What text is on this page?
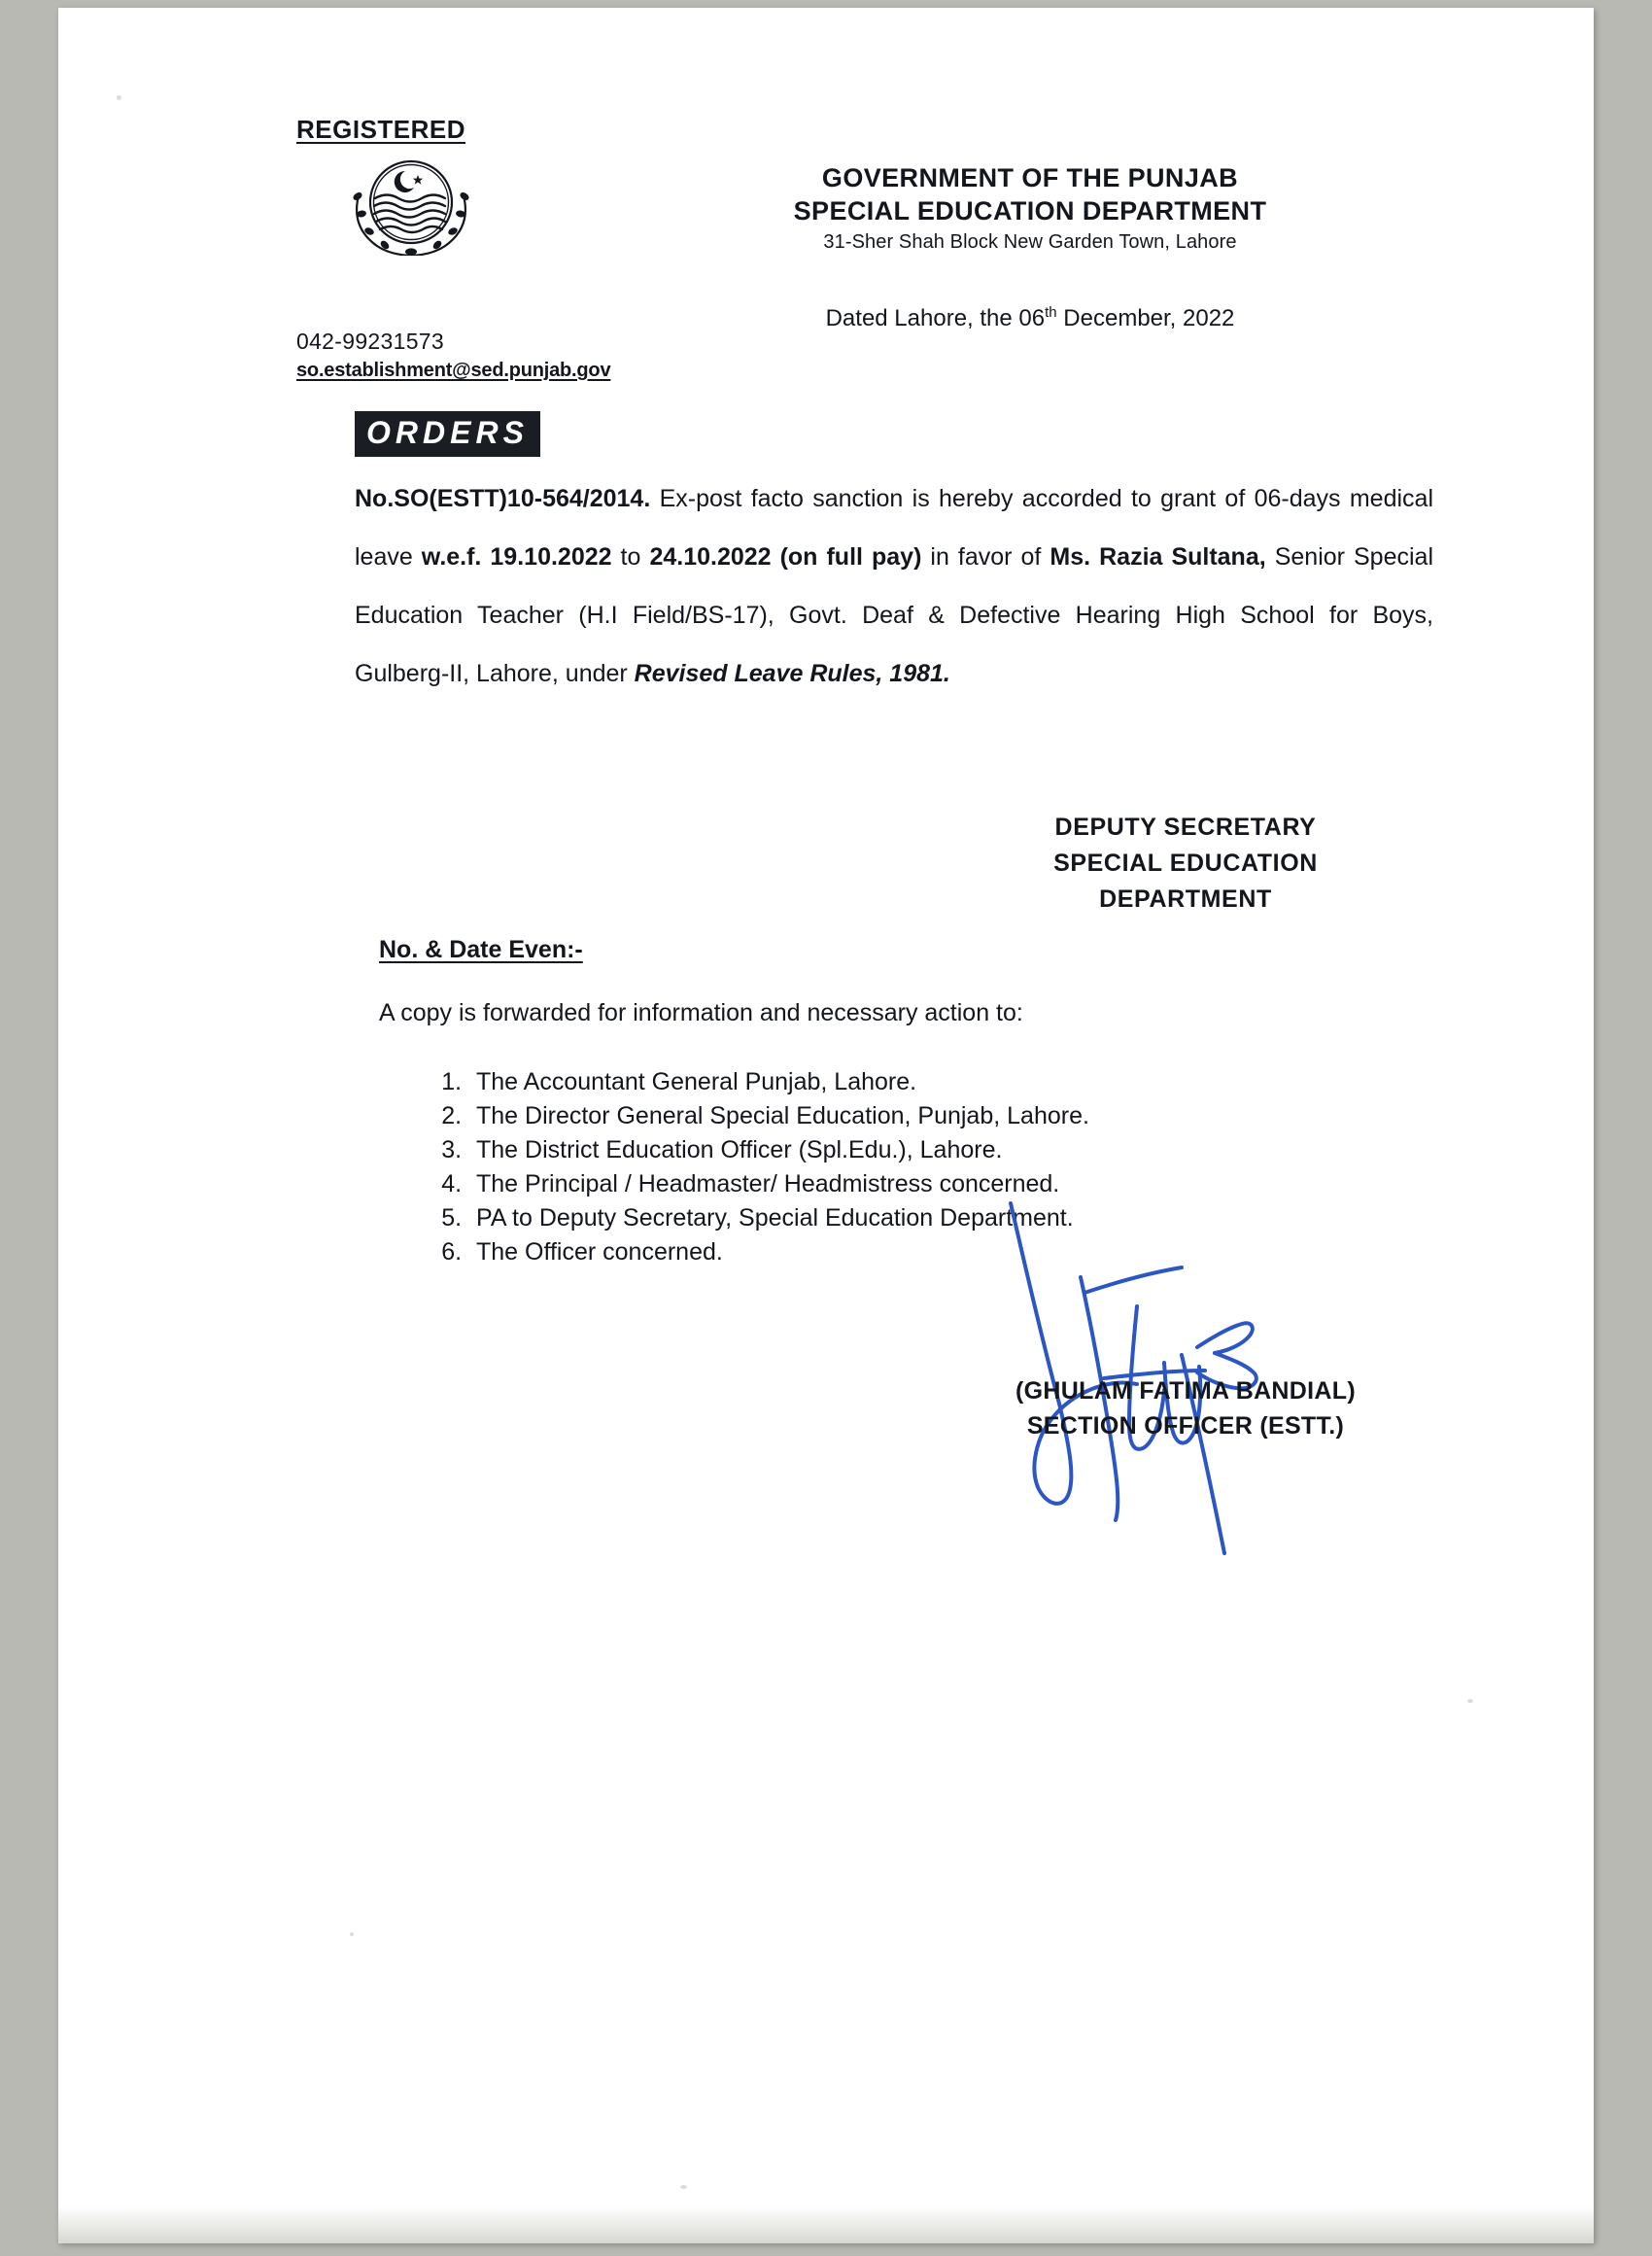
REGISTERED
042-99231573
so.establishment@sed.punjab.gov
GOVERNMENT OF THE PUNJAB
SPECIAL EDUCATION DEPARTMENT
31-Sher Shah Block New Garden Town, Lahore
Dated Lahore, the 06th December, 2022
ORDERS
No.SO(ESTT)10-564/2014. Ex-post facto sanction is hereby accorded to grant of 06-days medical leave w.e.f. 19.10.2022 to 24.10.2022 (on full pay) in favor of Ms. Razia Sultana, Senior Special Education Teacher (H.I Field/BS-17), Govt. Deaf & Defective Hearing High School for Boys, Gulberg-II, Lahore, under Revised Leave Rules, 1981.
DEPUTY SECRETARY
SPECIAL EDUCATION
DEPARTMENT
No. & Date Even:-
A copy is forwarded for information and necessary action to:
1. The Accountant General Punjab, Lahore.
2. The Director General Special Education, Punjab, Lahore.
3. The District Education Officer (Spl.Edu.), Lahore.
4. The Principal / Headmaster/ Headmistress concerned.
5. PA to Deputy Secretary, Special Education Department.
6. The Officer concerned.
(GHULAM FATIMA BANDIAL)
SECTION OFFICER (ESTT.)
